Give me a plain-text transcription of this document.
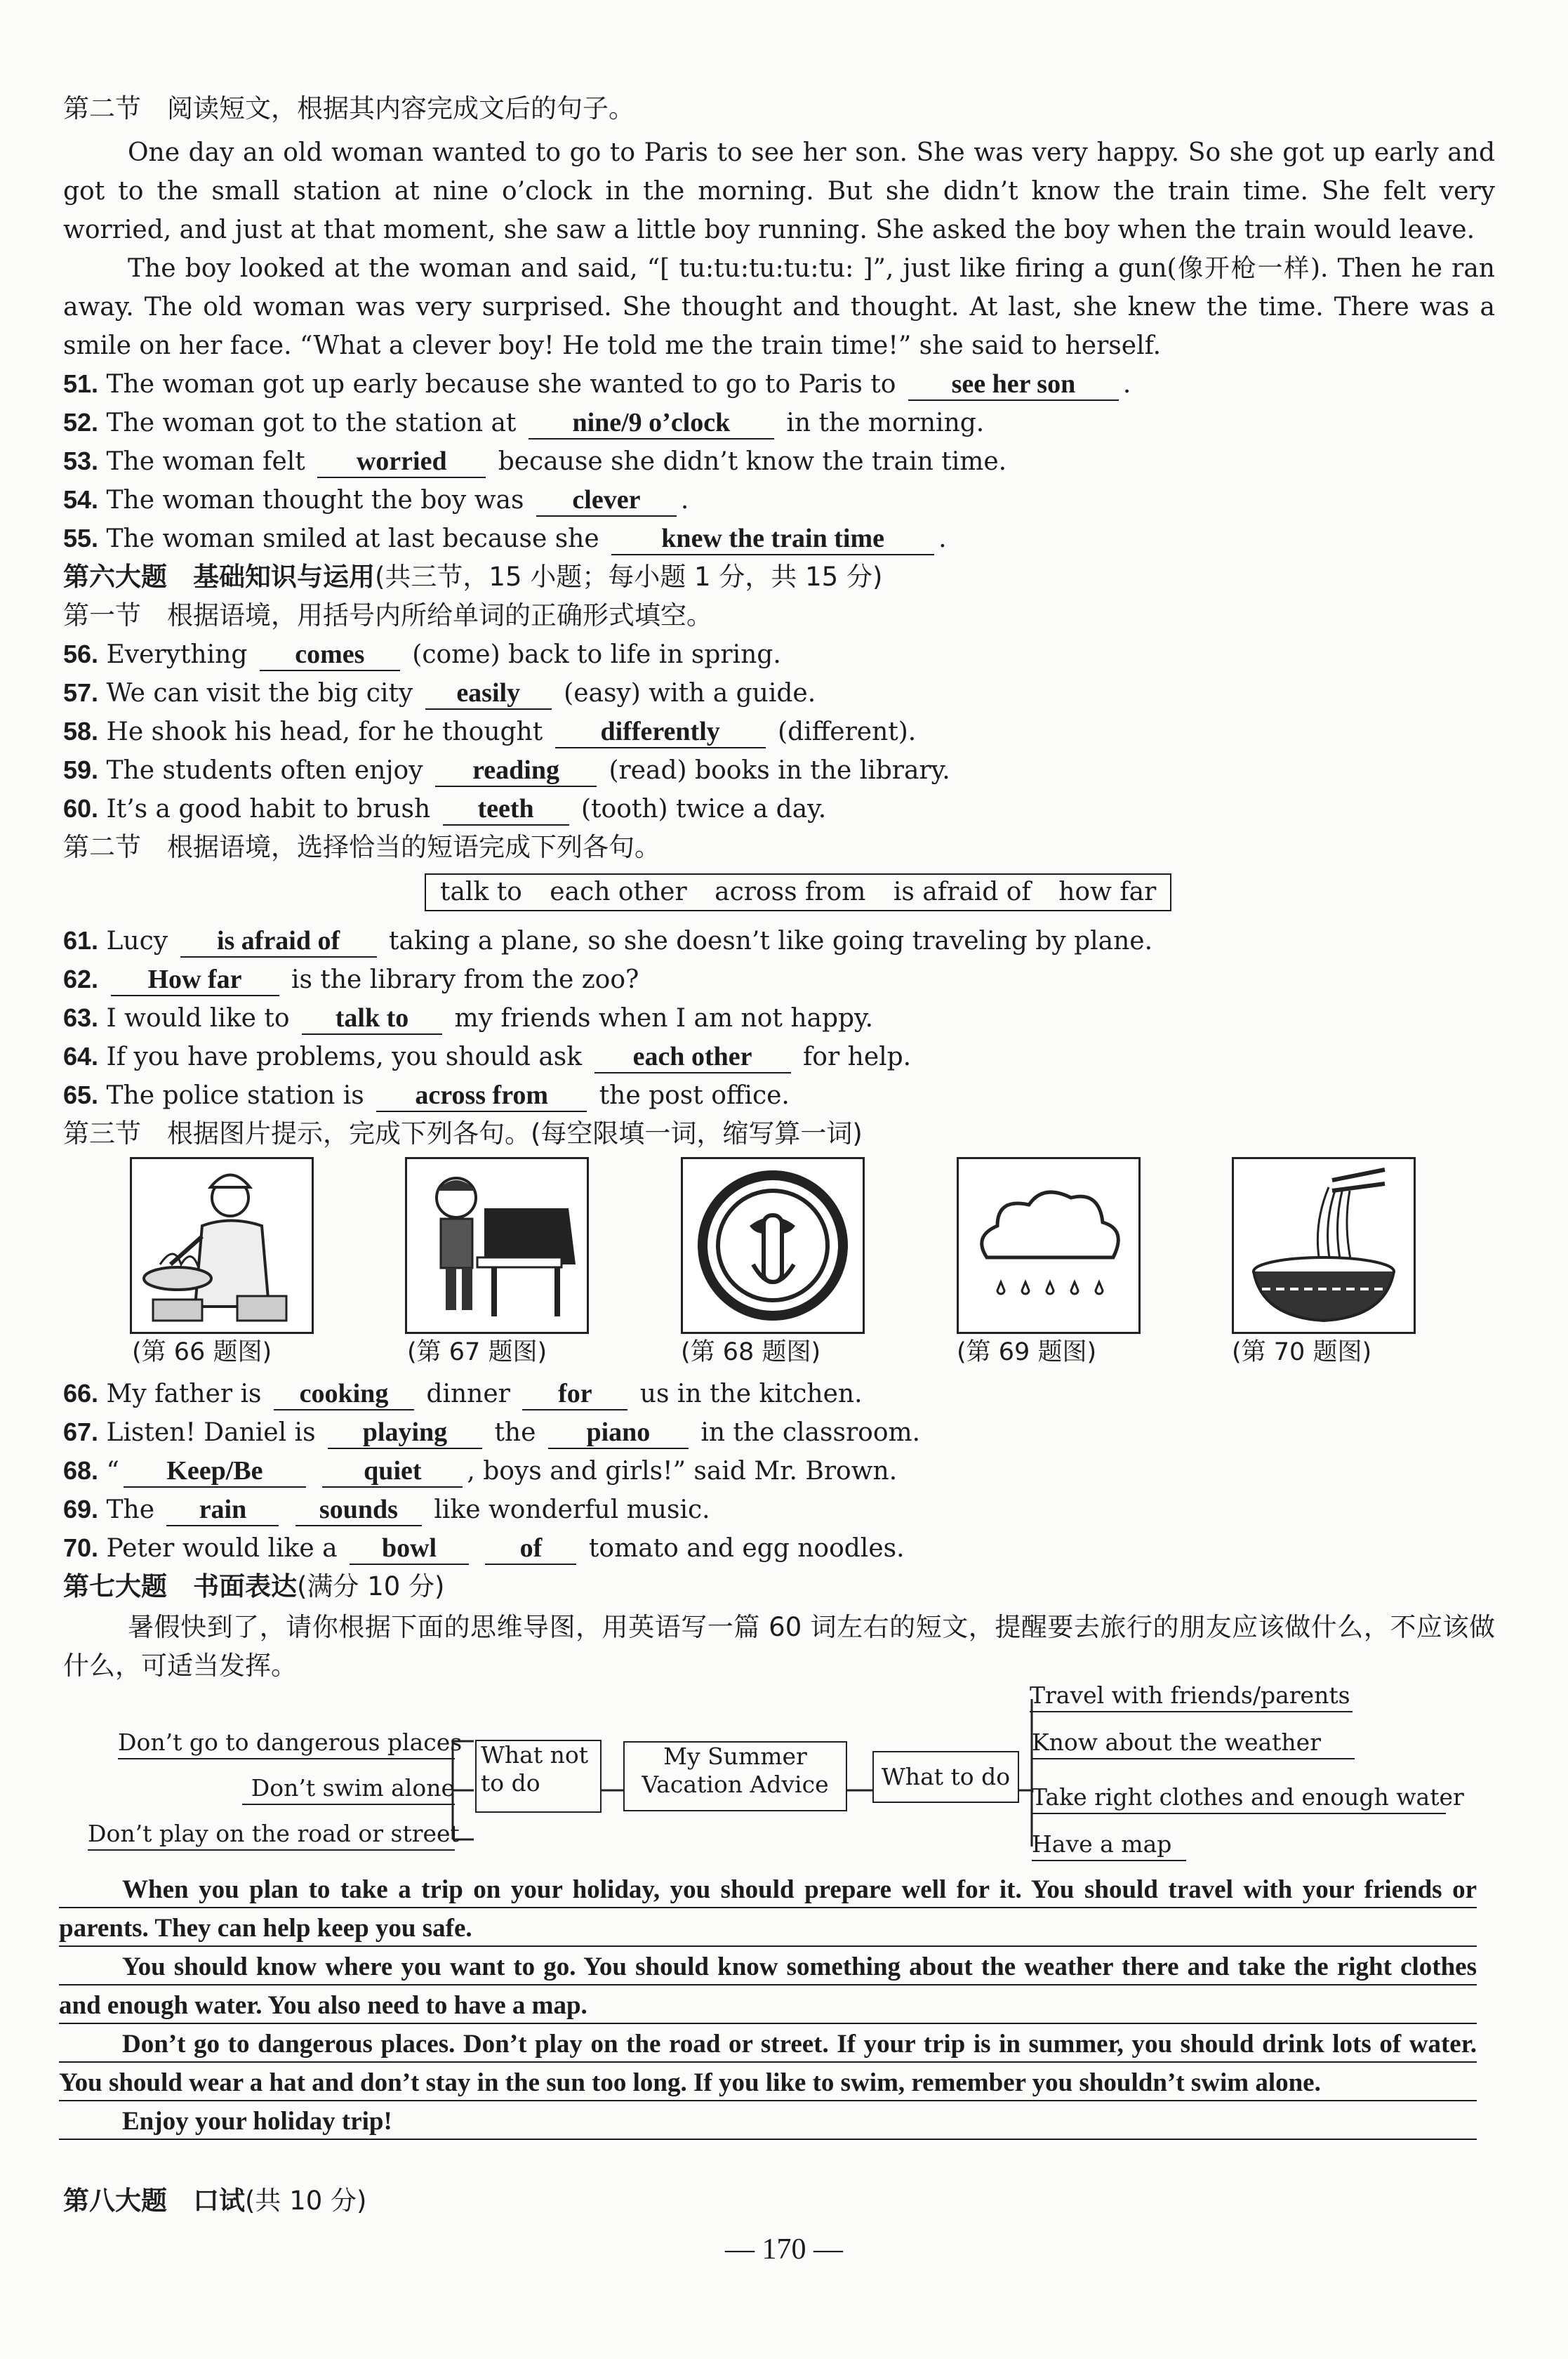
第二节　阅读短文，根据其内容完成文后的句子。
One day an old woman wanted to go to Paris to see her son. She was very happy. So she got up early and got to the small station at nine o’clock in the morning. But she didn’t know the train time. She felt very worried, and just at that moment, she saw a little boy running. She asked the boy when the train would leave.
The boy looked at the woman and said, “[ tu:tu:tu:tu:tu: ]”, just like firing a gun(像开枪一样). Then he ran away. The old woman was very surprised. She thought and thought. At last, she knew the time. There was a smile on her face. “What a clever boy! He told me the train time!” she said to herself.
51. The woman got up early because she wanted to go to Paris to see her son .
52. The woman got to the station at nine/9 o’clock in the morning.
53. The woman felt worried because she didn’t know the train time.
54. The woman thought the boy was clever .
55. The woman smiled at last because she knew the train time .
第六大题　基础知识与运用(共三节，15 小题；每小题 1 分，共 15 分)
第一节　根据语境，用括号内所给单词的正确形式填空。
56. Everything comes (come) back to life in spring.
57. We can visit the big city easily (easy) with a guide.
58. He shook his head, for he thought differently (different).
59. The students often enjoy reading (read) books in the library.
60. It’s a good habit to brush teeth (tooth) twice a day.
第二节　根据语境，选择恰当的短语完成下列各句。
talk to each other across from is afraid of how far
61. Lucy is afraid of taking a plane, so she doesn’t like going traveling by plane.
62. How far is the library from the zoo?
63. I would like to talk to my friends when I am not happy.
64. If you have problems, you should ask each other for help.
65. The police station is across from the post office.
第三节　根据图片提示，完成下列各句。(每空限填一词，缩写算一词)
(第 66 题图)	(第 67 题图)	(第 68 题图)	(第 69 题图)	(第 70 题图)
66. My father is cooking dinner for us in the kitchen.
67. Listen! Daniel is playing the piano in the classroom.
68. “ Keep/Be	quiet , boys and girls!” said Mr. Brown.
69. The rain	sounds like wonderful music.
70. Peter would like a bowl	of tomato and egg noodles.
第七大题　书面表达(满分 10 分)
暑假快到了，请你根据下面的思维导图，用英语写一篇 60 词左右的短文，提醒要去旅行的朋友应该做什么，不应该做什么，可适当发挥。
Don’t go to dangerous places
Don’t swim alone
Don’t play on the road or street
What not to do
My Summer Vacation Advice	What to do
Travel with friends/parents
Know about the weather
Take right clothes and enough water
Have a map

When you plan to take a trip on your holiday, you should prepare well for it. You should travel with your friends or parents. They can help keep you safe.

You should know where you want to go. You should know something about the weather there and take the right clothes and enough water. You also need to have a map.

Don’t go to dangerous places. Don’t play on the road or street. If your trip is in summer, you should drink lots of water. You should wear a hat and don’t stay in the sun too long. If you like to swim, remember you shouldn’t swim alone.

Enjoy your holiday trip!

第八大题　口试(共 10 分)
— 170 —
